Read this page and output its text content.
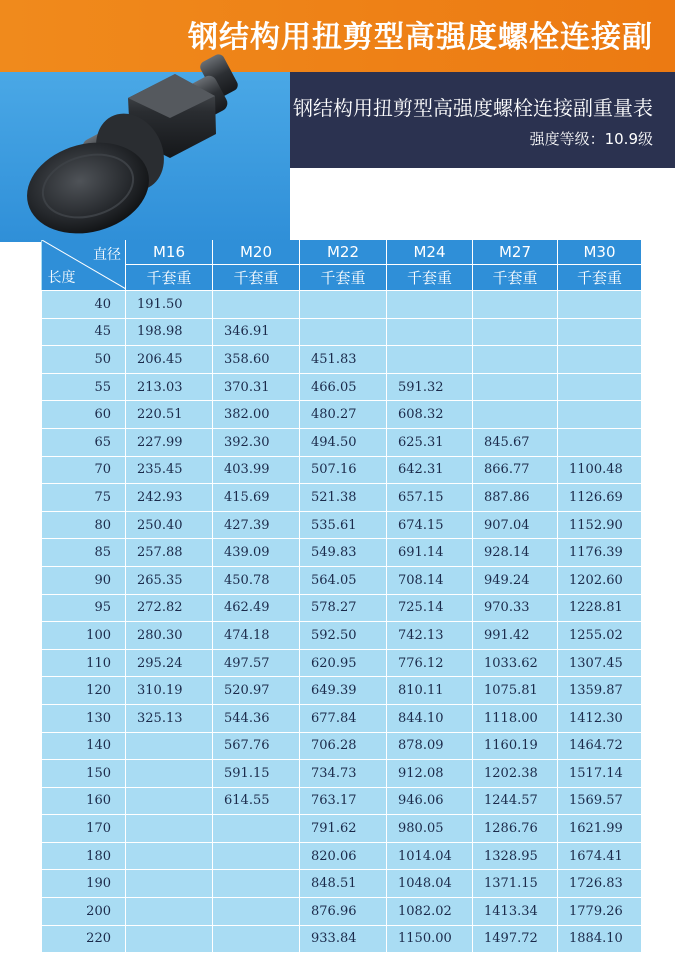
钢结构用扭剪型高强度螺栓连接副
钢结构用扭剪型高强度螺栓连接副重量表
强度等级：10.9级
直径
长度	M16	M20	M22	M24	M27	M30
	千套重	千套重	千套重	千套重	千套重	千套重
40	191.50					
45	198.98	346.91				
50	206.45	358.60	451.83			
55	213.03	370.31	466.05	591.32		
60	220.51	382.00	480.27	608.32		
65	227.99	392.30	494.50	625.31	845.67	
70	235.45	403.99	507.16	642.31	866.77	1100.48
75	242.93	415.69	521.38	657.15	887.86	1126.69
80	250.40	427.39	535.61	674.15	907.04	1152.90
85	257.88	439.09	549.83	691.14	928.14	1176.39
90	265.35	450.78	564.05	708.14	949.24	1202.60
95	272.82	462.49	578.27	725.14	970.33	1228.81
100	280.30	474.18	592.50	742.13	991.42	1255.02
110	295.24	497.57	620.95	776.12	1033.62	1307.45
120	310.19	520.97	649.39	810.11	1075.81	1359.87
130	325.13	544.36	677.84	844.10	1118.00	1412.30
140		567.76	706.28	878.09	1160.19	1464.72
150		591.15	734.73	912.08	1202.38	1517.14
160		614.55	763.17	946.06	1244.57	1569.57
170			791.62	980.05	1286.76	1621.99
180			820.06	1014.04	1328.95	1674.41
190			848.51	1048.04	1371.15	1726.83
200			876.96	1082.02	1413.34	1779.26
220			933.84	1150.00	1497.72	1884.10
